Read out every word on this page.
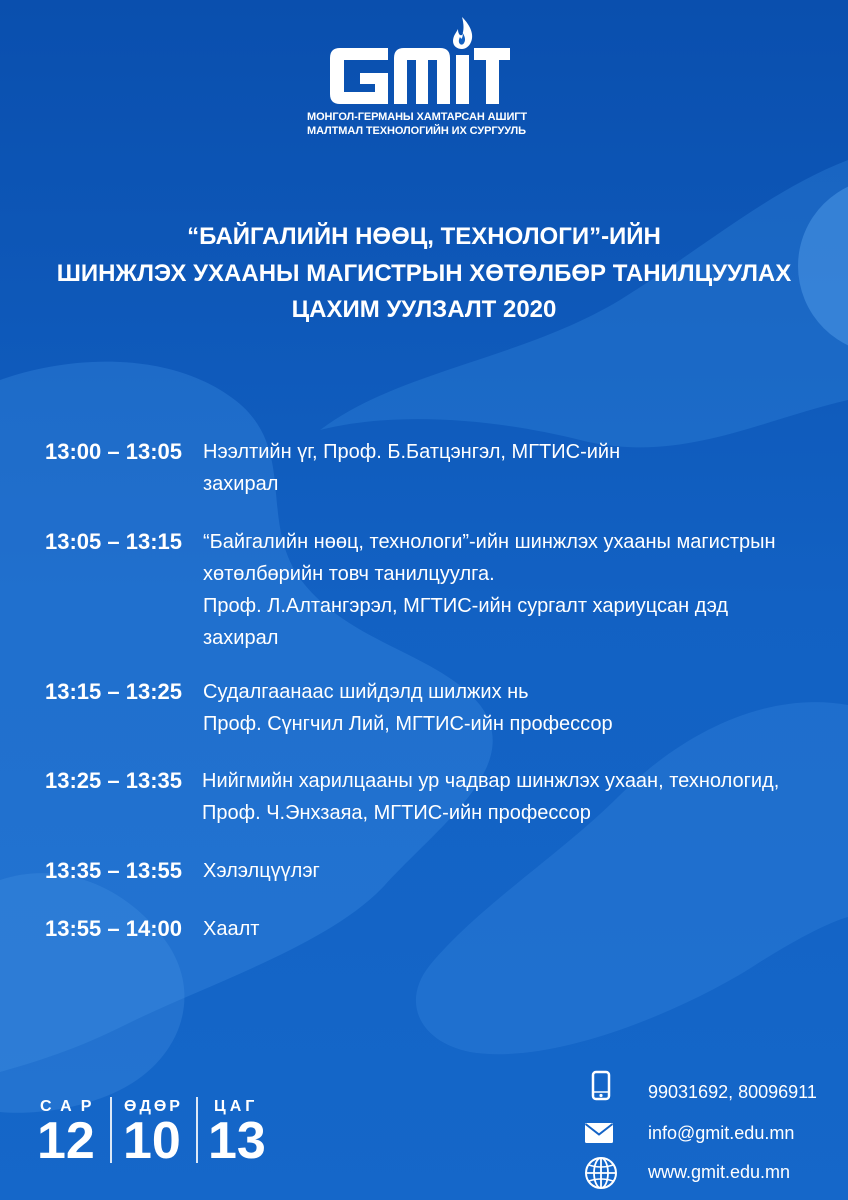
МОНГОЛ-ГЕРМАНЫ ХАМТАРСАН АШИГТ
МАЛТМАЛ ТЕХНОЛОГИЙН ИХ СУРГУУЛЬ
“БАЙГАЛИЙН НӨӨЦ, ТЕХНОЛОГИ”-ИЙН
ШИНЖЛЭХ УХААНЫ МАГИСТРЫН ХӨТӨЛБӨР ТАНИЛЦУУЛАХ
ЦАХИМ УУЛЗАЛТ 2020
13:00 – 13:05 Нээлтийн үг, Проф. Б.Батцэнгэл, МГТИС-ийн
захирал
13:05 – 13:15 “Байгалийн нөөц, технологи”-ийн шинжлэх ухааны магистрын
хөтөлбөрийн товч танилцуулга.
Проф. Л.Алтангэрэл, МГТИС-ийн сургалт хариуцсан дэд
захирал
13:15 – 13:25 Судалгаанаас шийдэлд шилжих нь
Проф. Сүнгчил Лий, МГТИС-ийн профессор
13:25 – 13:35 Нийгмийн харилцааны ур чадвар шинжлэх ухаан, технологид,
Проф. Ч.Энхзаяа, МГТИС-ийн профессор
13:35 – 13:55 Хэлэлцүүлэг
13:55 – 14:00 Хаалт
САР
12
ӨДӨР
10
ЦАГ
13
99031692, 80096911
info@gmit.edu.mn
www.gmit.edu.mn
